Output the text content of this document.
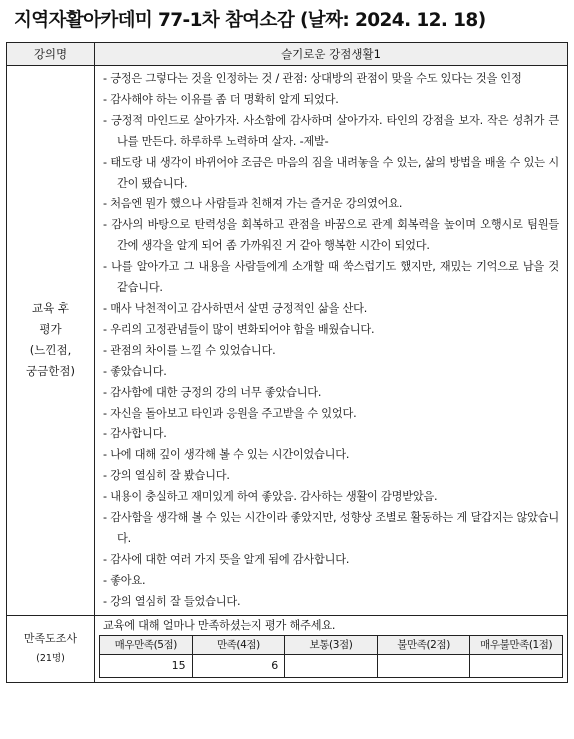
지역자활아카데미 77-1차 참여소감 (날짜: 2024. 12. 18)
강의명	슬기로운 강점생활1

교육 후
평가
(느낀점,
궁금한점)

- 긍정은 그렇다는 것을 인정하는 것 / 관점: 상대방의 관점이 맞을 수도 있다는 것을 인정
- 감사해야 하는 이유를 좀 더 명확히 알게 되었다.
- 긍정적 마인드로 살아가자. 사소함에 감사하며 살아가자. 타인의 강점을 보자. 작은 성취가 큰 나를 만든다. 하루하루 노력하며 살자. -제발-
- 태도랑 내 생각이 바뀌어야 조금은 마음의 짐을 내려놓을 수 있는, 삶의 방법을 배울 수 있는 시간이 됐습니다.
- 처음엔 뭔가 했으나 사람들과 친해져 가는 즐거운 강의였어요.
- 감사의 바탕으로 탄력성을 회복하고 관점을 바꿈으로 관계 회복력을 높이며 오행시로 팀원들 간에 생각을 알게 되어 좀 가까워진 거 같아 행복한 시간이 되었다.
- 나를 알아가고 그 내용을 사람들에게 소개할 때 쑥스럽기도 했지만, 재밌는 기억으로 남을 것 같습니다.
- 매사 낙천적이고 감사하면서 살면 긍정적인 삶을 산다.
- 우리의 고정관념들이 많이 변화되어야 함을 배웠습니다.
- 관점의 차이를 느낄 수 있었습니다.
- 좋았습니다.
- 감사함에 대한 긍정의 강의 너무 좋았습니다.
- 자신을 돌아보고 타인과 응원을 주고받을 수 있었다.
- 감사합니다.
- 나에 대해 깊이 생각해 볼 수 있는 시간이었습니다.
- 강의 열심히 잘 봤습니다.
- 내용이 충실하고 재미있게 하여 좋았음. 감사하는 생활이 감명받았음.
- 감사함을 생각해 볼 수 있는 시간이라 좋았지만, 성향상 조별로 활동하는 게 달갑지는 않았습니다.
- 감사에 대한 여러 가지 뜻을 알게 됨에 감사합니다.
- 좋아요.
- 강의 열심히 잘 들었습니다.

만족도조사
(21명)

교육에 대해 얼마나 만족하셨는지 평가 해주세요.
매우만족(5점)	만족(4점)	보통(3점)	불만족(2점)	매우불만족(1점)
15	6			
